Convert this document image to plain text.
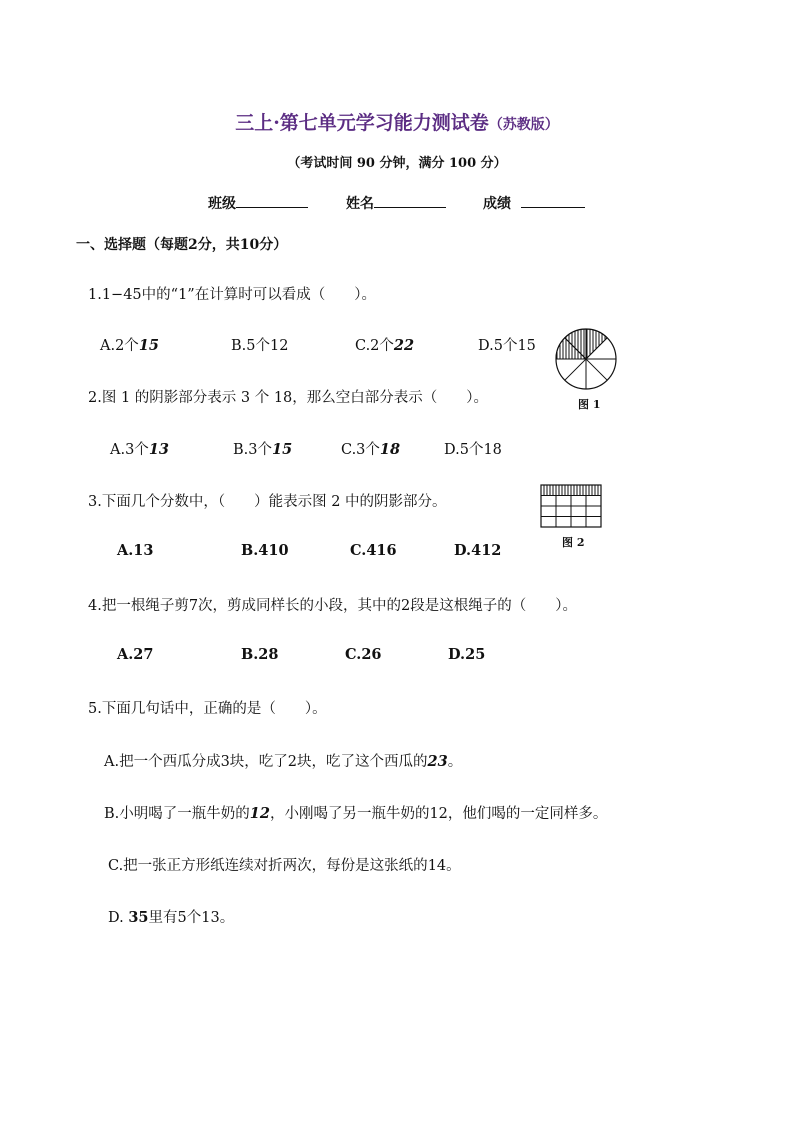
三上·第七单元学习能力测试卷（苏教版）
（考试时间 90 分钟，满分 100 分）
班级	姓名	成绩
一、选择题（每题2分，共10分）
1.1−45中的“1”在计算时可以看成（　　）。
A.2个15	B.5个12	C.2个22	D.5个15
图 1
2.图 1 的阴影部分表示 3 个 18，那么空白部分表示（　　）。
A.3个13	B.3个15	C.3个18	D.5个18
3.下面几个分数中，（　　）能表示图 2 中的阴影部分。
图 2
A.13	B.410	C.416	D.412
4.把一根绳子剪7次，剪成同样长的小段，其中的2段是这根绳子的（　　）。
A.27	B.28	C.26	D.25
5.下面几句话中，正确的是（　　）。
A.把一个西瓜分成3块，吃了2块，吃了这个西瓜的23。
B.小明喝了一瓶牛奶的12，小刚喝了另一瓶牛奶的12，他们喝的一定同样多。
C.把一张正方形纸连续对折两次，每份是这张纸的14。
D. 35里有5个13。
